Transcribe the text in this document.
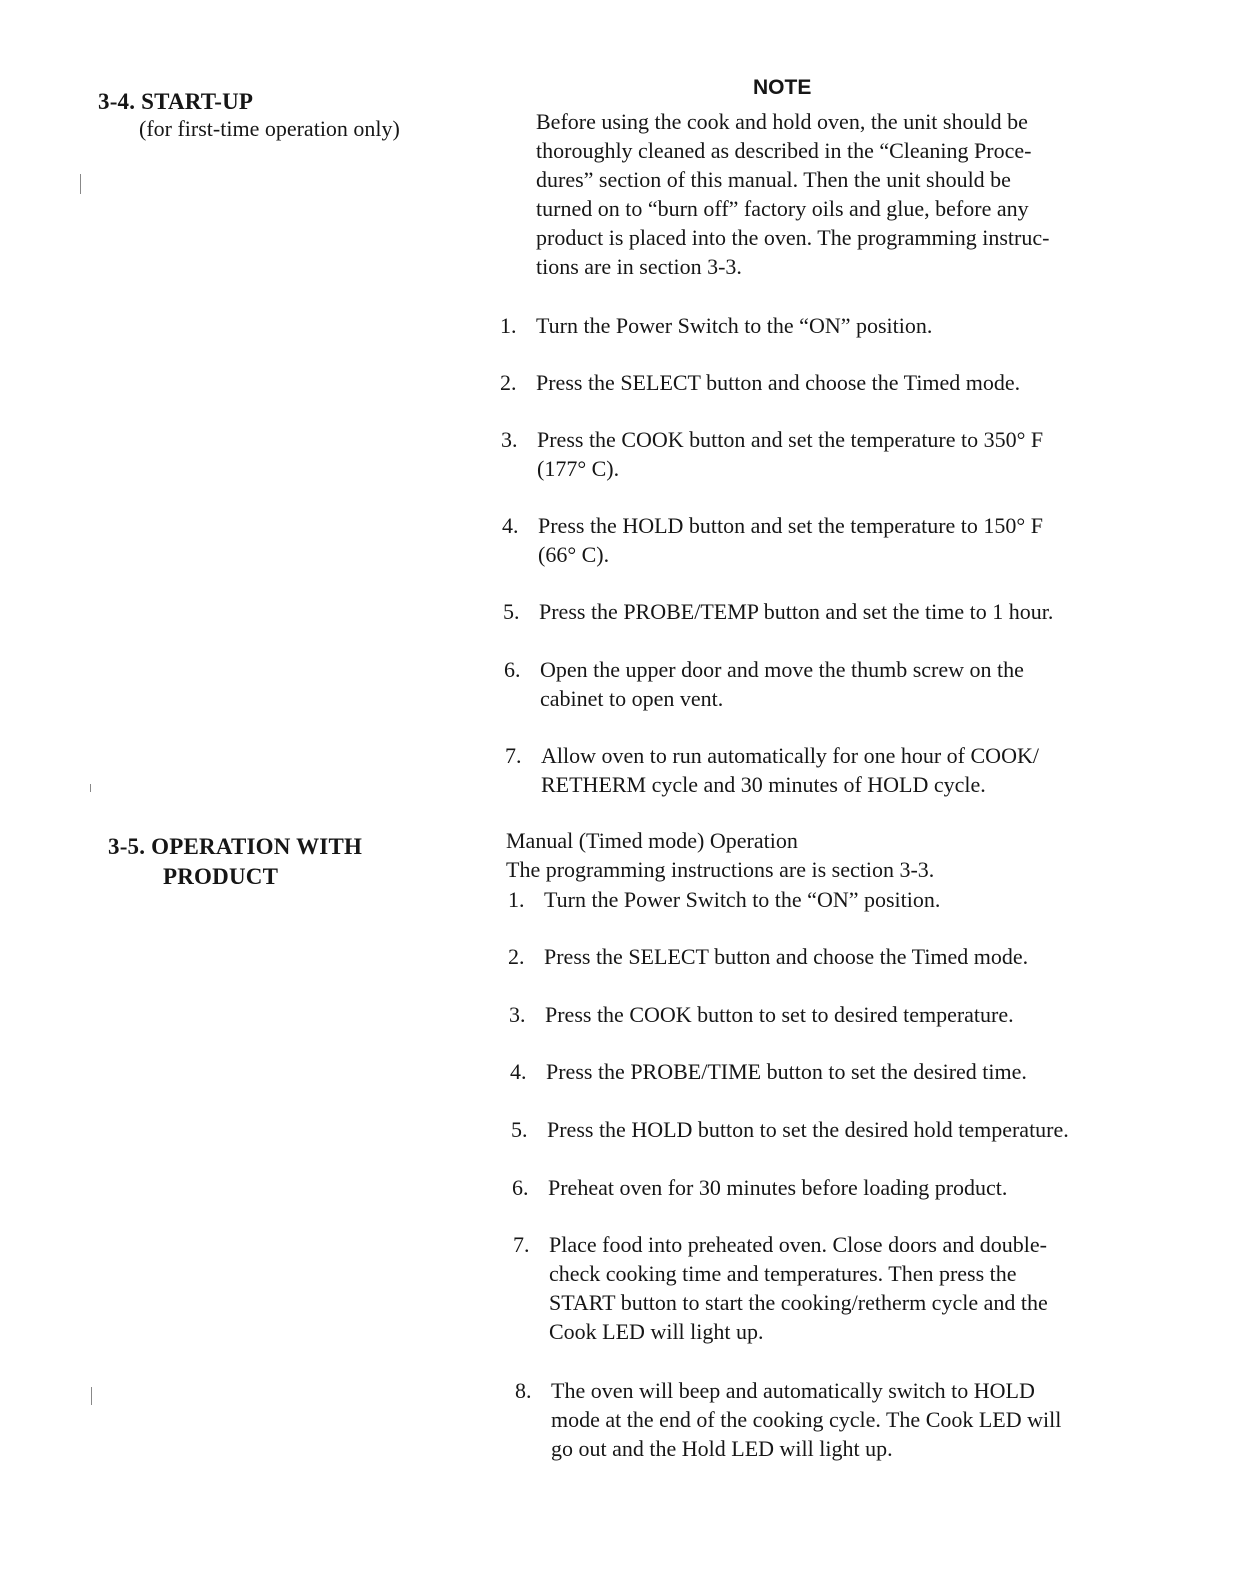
3-4. START-UP
(for first-time operation only)
NOTE
Before using the cook and hold oven, the unit should be
thoroughly cleaned as described in the “Cleaning Proce-
dures” section of this manual. Then the unit should be
turned on to “burn off” factory oils and glue, before any
product is placed into the oven. The programming instruc-
tions are in section 3-3.
1. Turn the Power Switch to the “ON” position.
2. Press the SELECT button and choose the Timed mode.
3. Press the COOK button and set the temperature to 350° F
(177° C).
4. Press the HOLD button and set the temperature to 150° F
(66° C).
5. Press the PROBE/TEMP button and set the time to 1 hour.
6. Open the upper door and move the thumb screw on the
cabinet to open vent.
7. Allow oven to run automatically for one hour of COOK/
RETHERM cycle and 30 minutes of HOLD cycle.
3-5. OPERATION WITH
PRODUCT
Manual (Timed mode) Operation
The programming instructions are is section 3-3.
1. Turn the Power Switch to the “ON” position.
2. Press the SELECT button and choose the Timed mode.
3. Press the COOK button to set to desired temperature.
4. Press the PROBE/TIME button to set the desired time.
5. Press the HOLD button to set the desired hold temperature.
6. Preheat oven for 30 minutes before loading product.
7. Place food into preheated oven. Close doors and double-
check cooking time and temperatures. Then press the
START button to start the cooking/retherm cycle and the
Cook LED will light up.
8. The oven will beep and automatically switch to HOLD
mode at the end of the cooking cycle. The Cook LED will
go out and the Hold LED will light up.
